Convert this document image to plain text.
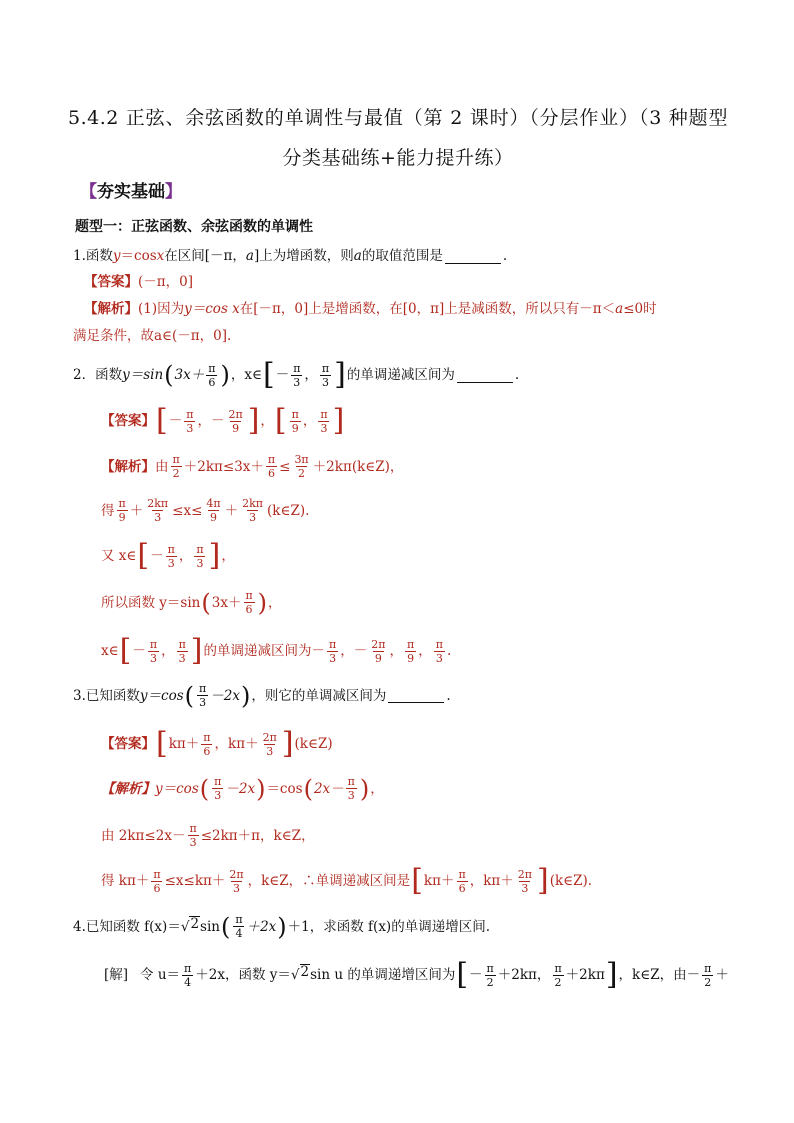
5.4.2 正弦、余弦函数的单调性与最值（第 2 课时）（分层作业）（3 种题型分类基础练+能力提升练）
【夯实基础】
题型一：正弦函数、余弦函数的单调性
1.函数 y ＝cos x 在区间[－π， a ]上为增函数，则 a 的取值范围是	.
【答案】 (－π，0]
【解析】 (1)因为 y＝cos x 在[－π，0]上是增函数，在[0，π]上是减函数，所以只有－π＜ a ≤0时
满足条件，故 a∈(－π，0] .
2．函数 y＝sin ( $3x+ \frac{\pi}{6}$ ) ，x∈ [ － $\frac{\pi}{3}$ ， $\frac{\pi}{3}$ ] 的单调递减区间为	.
【答案】 [ － $\frac{\pi}{3}$ ， － $\frac{2\pi}{9}$ ] ， [ $\frac{\pi}{9}$ ， $\frac{\pi}{3}$ ]
【解析】 由 $\frac{\pi}{2} +2k\pi\le 3x+ \frac{\pi}{6} \le \frac{3\pi}{2}$ ＋2kπ(k∈Z)，
得 $\frac{\pi}{9} + \frac{2k\pi}{3} \le x\le \frac{4\pi}{9} + \frac{2k\pi}{3}$ (k∈Z).
又 x∈ [ － $\frac{\pi}{3}$ ， $\frac{\pi}{3}$ ] ，
所以函数 y＝sin ( $3x+ \frac{\pi}{6}$ ) ，
x∈ [ － $\frac{\pi}{3}$ ， $\frac{\pi}{3}$ ] 的单调递减区间为－ $\frac{\pi}{3}$ ，－ $\frac{2\pi}{9}$ ， $\frac{\pi}{9}$ ， $\frac{\pi}{3}$ .
3.已知函数 y＝cos ( $\frac{\pi}{3} -2x$ ) ，则它的单调减区间为	.
【答案】 [ $k\pi+ \frac{\pi}{6}$ ， $k\pi+ \frac{2\pi}{3}$ ] (k∈Z)
【解析】 y＝cos ( $\frac{\pi}{3} -2x$ ) ＝cos ( $2x- \frac{\pi}{3}$ ) ，
由 $2k\pi\le 2x- \frac{\pi}{3} \le 2k\pi+\pi$，k∈Z，
得 $k\pi+ \frac{\pi}{6} \le x\le k\pi+ \frac{2\pi}{3}$ ，k∈Z，∴单调递减区间是 [ $k\pi+ \frac{\pi}{6}$ ， $k\pi+ \frac{2\pi}{3}$ ] (k∈Z).
4.已知函数 f(x)＝ √ 2 sin ( $\frac{\pi}{4} +2x$ ) ＋1，求函数 f(x)的单调递增区间.
[解] 令 $u= \frac{\pi}{4} +2x$，函数 y＝ √ 2 sin u 的单调递增区间为 [ － $\frac{\pi}{2} +2k\pi$， $\frac{\pi}{2} +2k\pi$ ] ，k∈Z，由－ $\frac{\pi}{2}$ ＋
